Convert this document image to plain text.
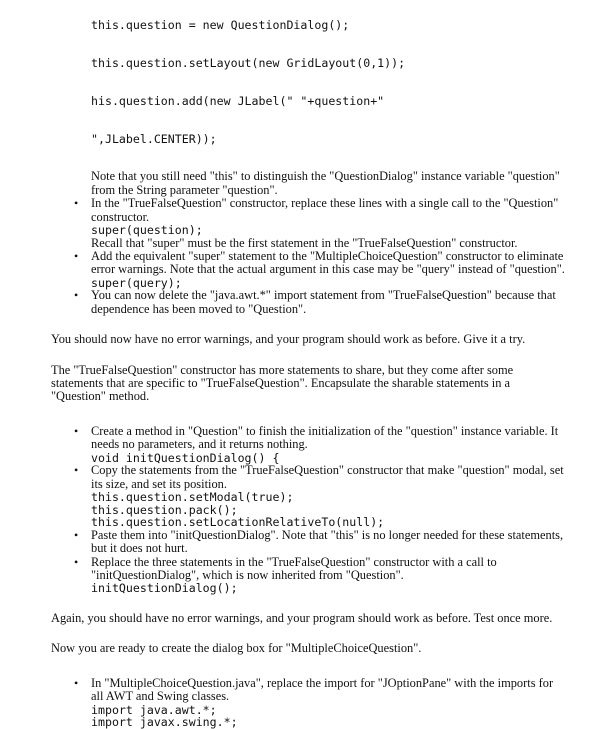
this.question = new QuestionDialog();

this.question.setLayout(new GridLayout(0,1));

his.question.add(new JLabel(" "+question+"

",JLabel.CENTER));

Note that you still need "this" to distinguish the "QuestionDialog" instance variable "question" from the String parameter "question".
• In the "TrueFalseQuestion" constructor, replace these lines with a single call to the "Question" constructor.
super(question);
Recall that "super" must be the first statement in the "TrueFalseQuestion" constructor.
• Add the equivalent "super" statement to the "MultipleChoiceQuestion" constructor to eliminate error warnings. Note that the actual argument in this case may be "query" instead of "question".
super(query);
• You can now delete the "java.awt.*" import statement from "TrueFalseQuestion" because that dependence has been moved to "Question".

You should now have no error warnings, and your program should work as before. Give it a try.

The "TrueFalseQuestion" constructor has more statements to share, but they come after some statements that are specific to "TrueFalseQuestion". Encapsulate the sharable statements in a "Question" method.

• Create a method in "Question" to finish the initialization of the "question" instance variable. It needs no parameters, and it returns nothing.
void initQuestionDialog() {
• Copy the statements from the "TrueFalseQuestion" constructor that make "question" modal, set its size, and set its position.
this.question.setModal(true);
this.question.pack();
this.question.setLocationRelativeTo(null);
• Paste them into "initQuestionDialog". Note that "this" is no longer needed for these statements, but it does not hurt.
• Replace the three statements in the "TrueFalseQuestion" constructor with a call to "initQuestionDialog", which is now inherited from "Question".
initQuestionDialog();

Again, you should have no error warnings, and your program should work as before. Test once more.

Now you are ready to create the dialog box for "MultipleChoiceQuestion".

• In "MultipleChoiceQuestion.java", replace the import for "JOptionPane" with the imports for all AWT and Swing classes.
import java.awt.*;
import javax.swing.*;
